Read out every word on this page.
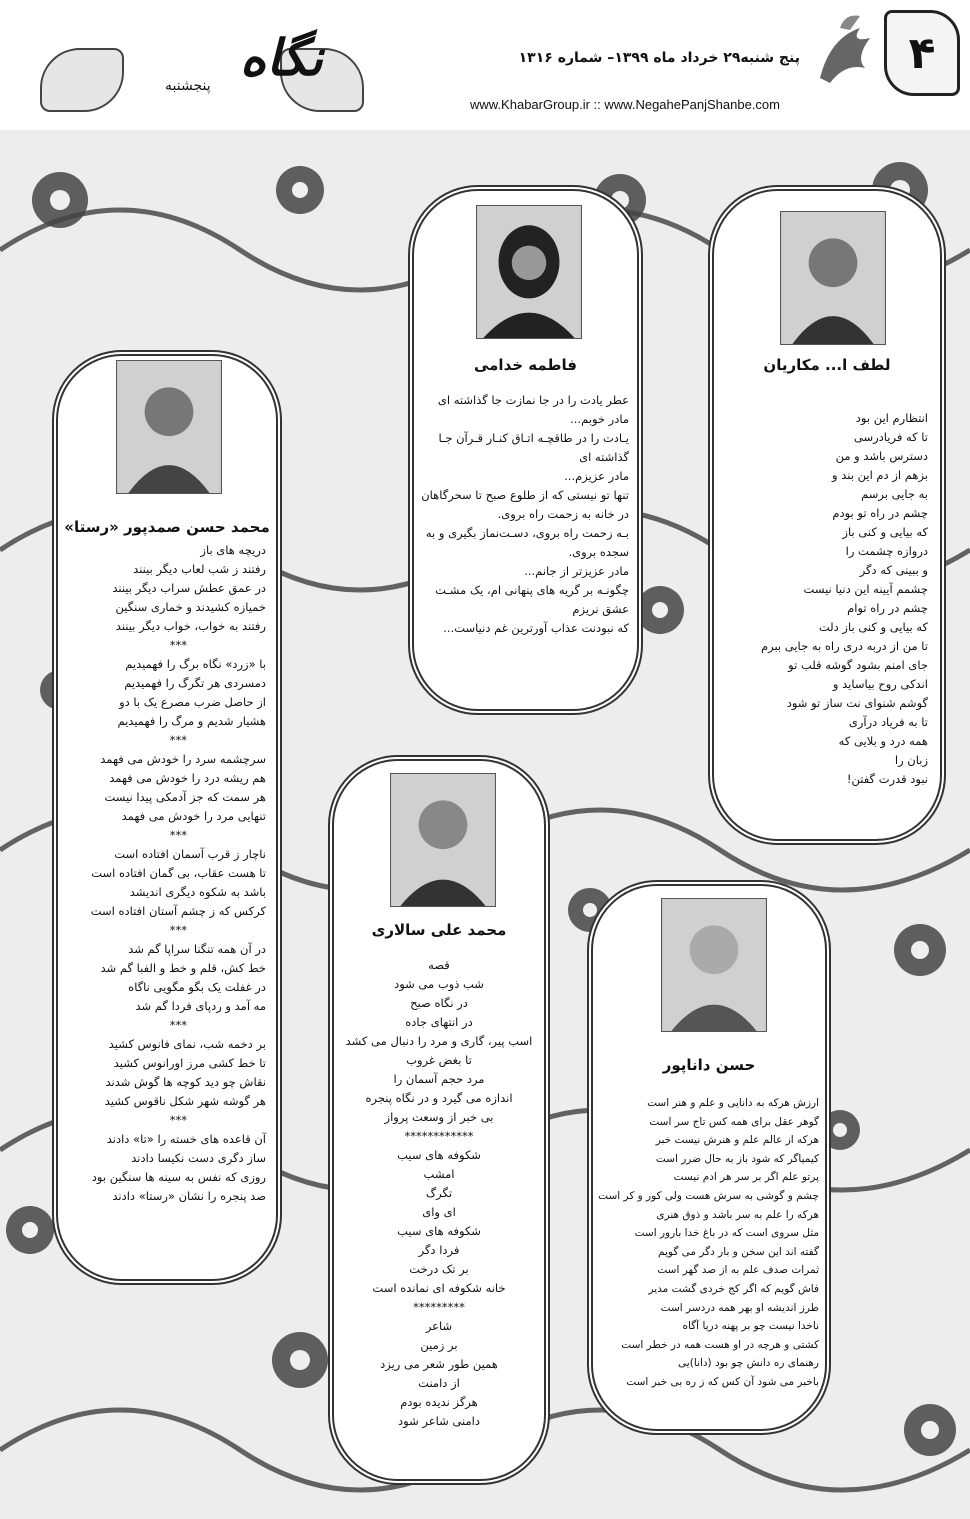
۴
پنج شنبه۲۹ خرداد ماه ۱۳۹۹– شماره ۱۳۱۶
www.KhabarGroup.ir :: www.NegahePanjShanbe.com
نگاه
پنجشنبه
لطف ا... مکاریان
انتظارم این بود
تا که فریادرسی
دسترس باشد و من
بزهم از دم این بند و
به جایی برسم
چشم در راه تو بودم
که بیایی و کنی باز
دروازه چشمت را
و ببینی که دگر
چشمم آیینه این دنیا نیست
چشم در راه توام
که بیایی و کنی باز دلت
تا من از دربه دری راه به جایی ببرم
جای امنم بشود گوشه قلب تو
اندکی روح بیاساید و
گوشم شنوای نت ساز تو شود
تا به فریاد درآری
همه درد و بلایی که
زبان را
نبود قدرت گفتن!
فاطمه خدامی
عطر یادت را در جا نمازت جا گذاشته ای
مادر خوبم...
یـادت را در طاقچـه اتـاق کنـار قـرآن جـا
گذاشته ای
مادر عزیزم...
تنها تو نیستی که از طلوع صبح تا سحرگاهان
در خانه به زحمت راه بروی.
بـه زحمت راه بروی، دسـت‌نماز بگیری و به
سجده بروی.
مادر عزیزتر از جانم...
چگونـه بر گریه های پنهانی ام، یک مشـت
عشق نریزم
که نبودنت عذاب آورترین غم دنیاست...
محمد حسن صمدپور «رستا»
دریچه های باز
رفتند ز شب لعاب دیگر بینند
در عمق عطش سراب دیگر بینند
خمیازه کشیدند و خماری سنگین
رفتند به خواب، خواب دیگر بینند
***
با «زرد» نگاه برگ را فهمیدیم
دمسردی هر تگرگ را فهمیدیم
از حاصل ضرب مصرع یک با دو
هشیار شدیم و مرگ را فهمیدیم
***
سرچشمه سرد را خودش می فهمد
هم ریشه درد را خودش می فهمد
هر سمت که جز آدمکی پیدا نیست
تنهایی مرد را خودش می فهمد
***
ناچار ز قرب آسمان افتاده است
تا هست عقاب، بی گمان افتاده است
باشد به شکوه دیگری اندیشد
کرکس که ز چشم آستان افتاده است
***
در آن همه تنگنا سراپا گم شد
خط کش، قلم و خط و الفبا گم شد
در غفلت یک بگو مگویی ناگاه
مه آمد و ردپای فردا گم شد
***
بر دخمه شب، نمای فانوس کشید
تا خط کشی مرز اورانوس کشید
نقاش چو دید کوچه ها گوش شدند
هر گوشه شهر شکل ناقوس کشید
***
آن قاعده های خسته را «تا» دادند
ساز دگری دست نکیسا دادند
روزی که نفس به سینه ها سنگین بود
صد پنجره را نشان «رستا» دادند
محمد علی سالاری
قصه
شب ذوب می شود
در نگاه صبح
در انتهای جاده
اسب پیر، گاری و مرد را دنبال می کشد
تا بغض غروب
مرد حجم آسمان را
اندازه می گیرد و در نگاه پنجره
بی خبر از وسعت پرواز
************
شکوفه های سیب
امشب
تگرگ
ای وای
شکوفه های سیب
فردا دگر
بر تک درخت
خانه شکوفه ای نمانده است
*********
شاعر
بر زمین
همین طور شعر می ریزد
از دامنت
هرگز ندیده بودم
دامنی شاعر شود
حسن داناپور
ارزش هرکه به دانایی و علم و هنر است
گوهر عقل برای همه کس تاج سر است
هرکه از عالم علم و هنرش نیست خبر
کیمیاگر که شود باز به حال ضرر است
پرتو علم اگر بر سر هر ادم نیست
چشم و گوشی به سرش هست ولی کور و کر است
هرکه را علم به سر باشد و ذوق هنری
مثل سروی است که در باغ خدا بارور است
گفته اند این سخن و بار دگر می گویم
ثمرات صدف علم به از صد گهر است
فاش گویم که اگر کج خردی گشت مدیر
طرز اندیشه او بهر همه دردسر است
ناخدا نیست چو بر پهنه دریا آگاه
کشتی و هرچه در او هست همه در خطر است
رهنمای ره دانش چو بود (دانا)یی
باخبر می شود آن کس که ز ره بی خبر است
